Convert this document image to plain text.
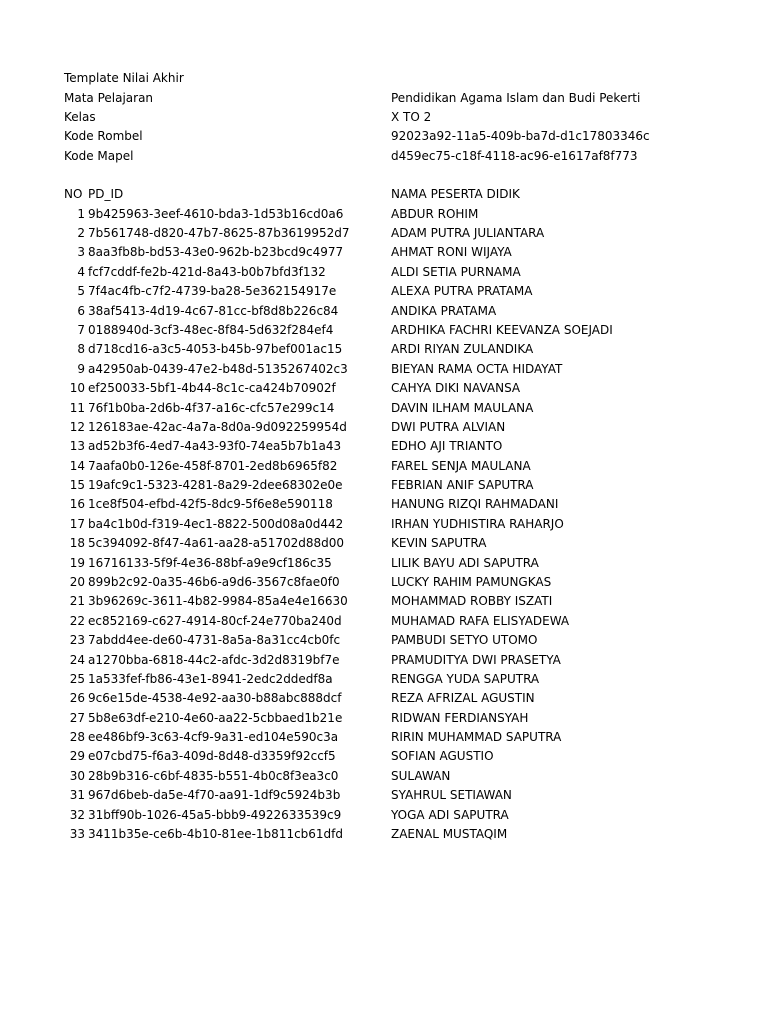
Template Nilai Akhir
Mata Pelajaran	Pendidikan Agama Islam dan Budi Pekerti
Kelas	X TO 2
Kode Rombel	92023a92-11a5-409b-ba7d-d1c17803346c
Kode Mapel	d459ec75-c18f-4118-ac96-e1617af8f773
NO PD_ID	NAMA PESERTA DIDIK
1 9b425963-3eef-4610-bda3-1d53b16cd0a6	ABDUR ROHIM
2 7b561748-d820-47b7-8625-87b3619952d7	ADAM PUTRA JULIANTARA
3 8aa3fb8b-bd53-43e0-962b-b23bcd9c4977	AHMAT RONI WIJAYA
4 fcf7cddf-fe2b-421d-8a43-b0b7bfd3f132	ALDI SETIA PURNAMA
5 7f4ac4fb-c7f2-4739-ba28-5e362154917e	ALEXA PUTRA PRATAMA
6 38af5413-4d19-4c67-81cc-bf8d8b226c84	ANDIKA PRATAMA
7 0188940d-3cf3-48ec-8f84-5d632f284ef4	ARDHIKA FACHRI KEEVANZA SOEJADI
8 d718cd16-a3c5-4053-b45b-97bef001ac15	ARDI RIYAN ZULANDIKA
9 a42950ab-0439-47e2-b48d-5135267402c3	BIEYAN RAMA OCTA HIDAYAT
10 ef250033-5bf1-4b44-8c1c-ca424b70902f	CAHYA DIKI NAVANSA
11 76f1b0ba-2d6b-4f37-a16c-cfc57e299c14	DAVIN ILHAM MAULANA
12 126183ae-42ac-4a7a-8d0a-9d092259954d	DWI PUTRA ALVIAN
13 ad52b3f6-4ed7-4a43-93f0-74ea5b7b1a43	EDHO AJI TRIANTO
14 7aafa0b0-126e-458f-8701-2ed8b6965f82	FAREL SENJA MAULANA
15 19afc9c1-5323-4281-8a29-2dee68302e0e	FEBRIAN ANIF SAPUTRA
16 1ce8f504-efbd-42f5-8dc9-5f6e8e590118	HANUNG RIZQI RAHMADANI
17 ba4c1b0d-f319-4ec1-8822-500d08a0d442	IRHAN YUDHISTIRA RAHARJO
18 5c394092-8f47-4a61-aa28-a51702d88d00	KEVIN SAPUTRA
19 16716133-5f9f-4e36-88bf-a9e9cf186c35	LILIK BAYU ADI SAPUTRA
20 899b2c92-0a35-46b6-a9d6-3567c8fae0f0	LUCKY RAHIM PAMUNGKAS
21 3b96269c-3611-4b82-9984-85a4e4e16630	MOHAMMAD ROBBY ISZATI
22 ec852169-c627-4914-80cf-24e770ba240d	MUHAMAD RAFA ELISYADEWA
23 7abdd4ee-de60-4731-8a5a-8a31cc4cb0fc	PAMBUDI SETYO UTOMO
24 a1270bba-6818-44c2-afdc-3d2d8319bf7e	PRAMUDITYA DWI PRASETYA
25 1a533fef-fb86-43e1-8941-2edc2ddedf8a	RENGGA YUDA SAPUTRA
26 9c6e15de-4538-4e92-aa30-b88abc888dcf	REZA AFRIZAL AGUSTIN
27 5b8e63df-e210-4e60-aa22-5cbbaed1b21e	RIDWAN FERDIANSYAH
28 ee486bf9-3c63-4cf9-9a31-ed104e590c3a	RIRIN MUHAMMAD SAPUTRA
29 e07cbd75-f6a3-409d-8d48-d3359f92ccf5	SOFIAN AGUSTIO
30 28b9b316-c6bf-4835-b551-4b0c8f3ea3c0	SULAWAN
31 967d6beb-da5e-4f70-aa91-1df9c5924b3b	SYAHRUL SETIAWAN
32 31bff90b-1026-45a5-bbb9-4922633539c9	YOGA ADI SAPUTRA
33 3411b35e-ce6b-4b10-81ee-1b811cb61dfd	ZAENAL MUSTAQIM
